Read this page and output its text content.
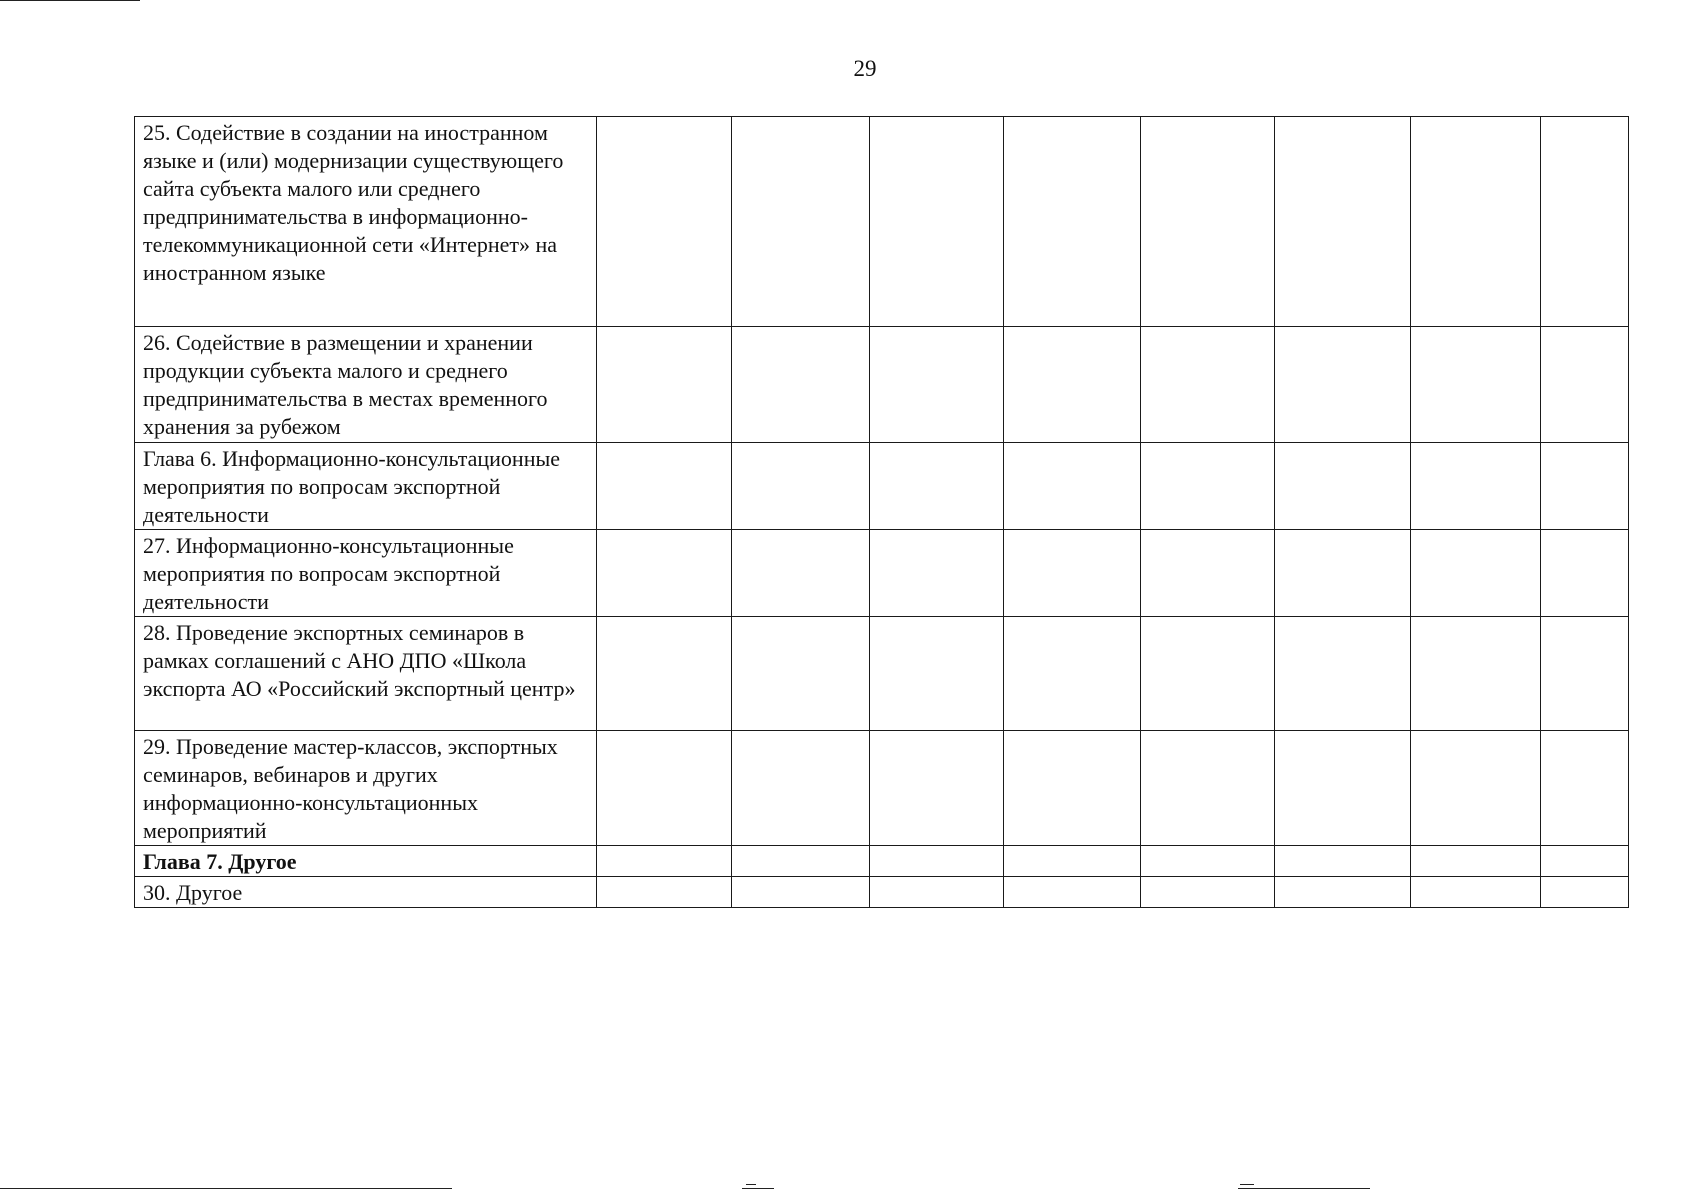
29
25. Содействие в создании на иностранном языке и (или) модернизации существующего сайта субъекта малого или среднего предпринимательства в информационно-телекоммуникационной сети «Интернет» на иностранном языке								
26. Содействие в размещении и хранении продукции субъекта малого и среднего предпринимательства в местах временного хранения за рубежом								
Глава 6. Информационно-консультационные мероприятия по вопросам экспортной деятельности								
27. Информационно-консультационные мероприятия по вопросам экспортной деятельности								
28. Проведение экспортных семинаров в рамках соглашений с АНО ДПО «Школа экспорта АО «Российский экспортный центр»								
29. Проведение мастер-классов, экспортных семинаров, вебинаров и других информационно-консультационных мероприятий								
Глава 7. Другое								
30. Другое								
